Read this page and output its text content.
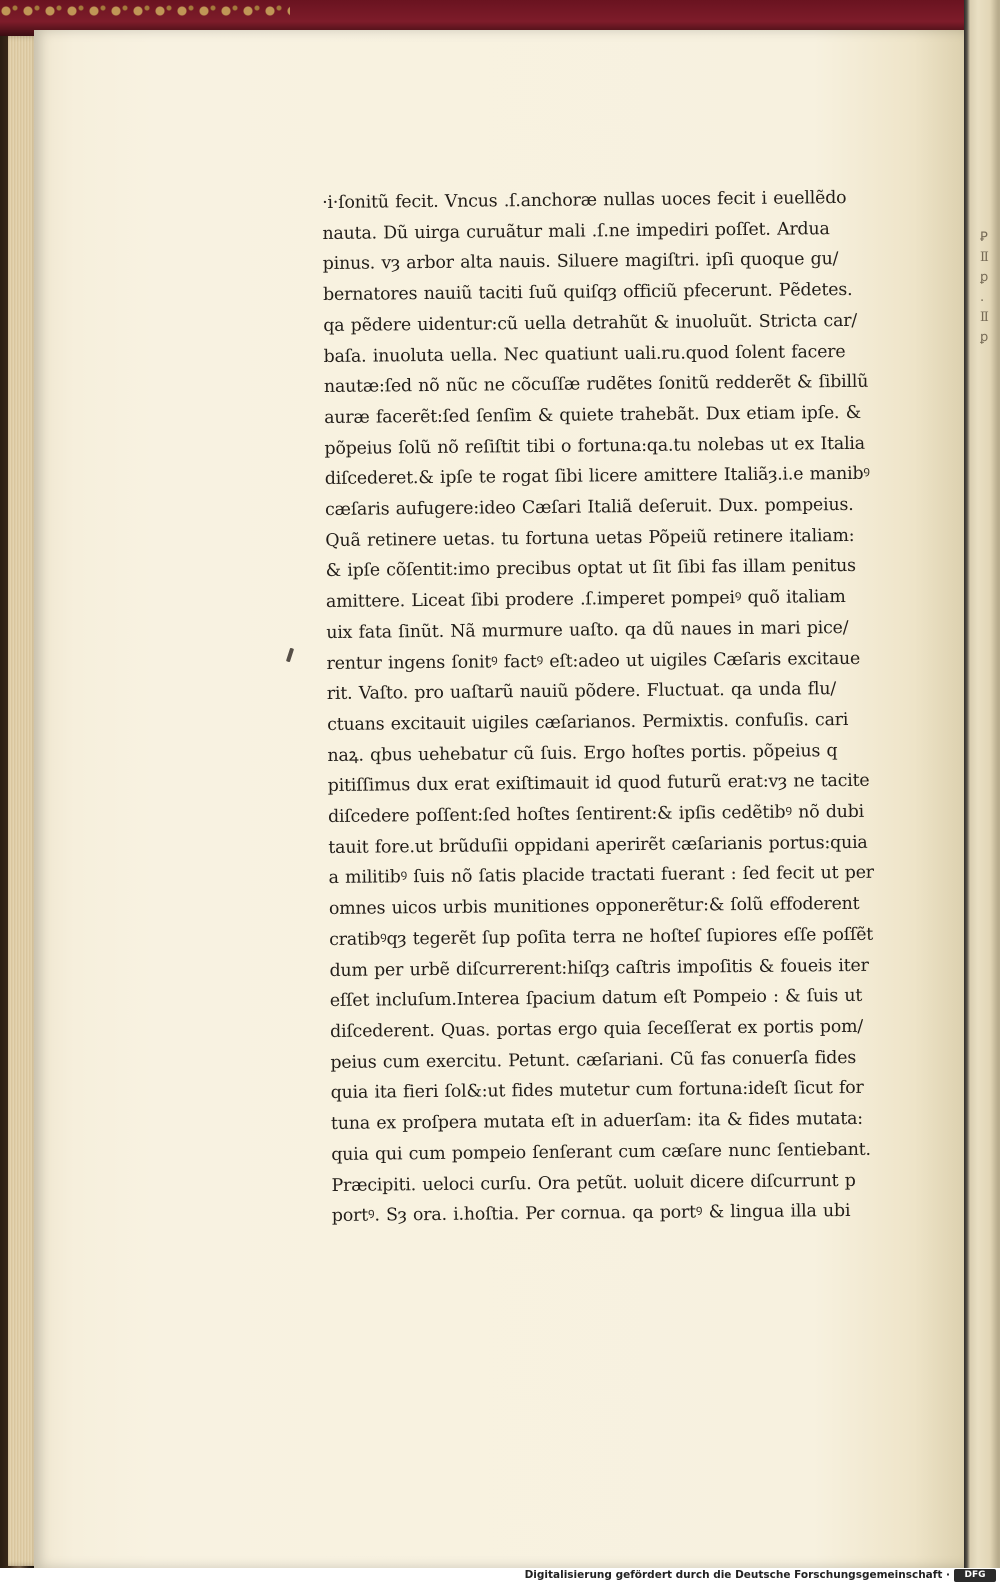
Ꝑ
Ⅱ
ꝑ
.
Ⅱ
ꝑ
·i·ſonitũ fecit. Vncus .ſ.anchoræ nullas uoces fecit i euellẽdo
nauta. Dũ uirga curuãtur mali .ſ.ne impediri poſſet. Ardua
pinus. vȝ arbor alta nauis. Siluere magiſtri. ipſi quoque gu/
bernatores nauiũ taciti ſuũ quiſqȝ officiũ pfecerunt. Pẽdetes.
qa pẽdere uidentur:cũ uella detrahũt & inuoluũt. Stricta car/
baſa. inuoluta uella. Nec quatiunt uali.ru.quod ſolent facere
nautæ:ſed nõ nũc ne cõcuſſæ rudẽtes ſonitũ redderẽt & ſibillũ
auræ facerẽt:ſed ſenſim & quiete trahebãt. Dux etiam ipſe. &
põpeius ſolũ nõ reſiſtit tibi o fortuna:qa.tu nolebas ut ex Italia
diſcederet.& ipſe te rogat ſibi licere amittere Italiãȝ.i.e manibꝰ
cæſaris aufugere:ideo Cæſari Italiã deſeruit. Dux. pompeius.
Quã retinere uetas. tu fortuna uetas Põpeiũ retinere italiam:
& ipſe cõſentit:imo precibus optat ut ſit ſibi fas illam penitus
amittere. Liceat ſibi prodere .ſ.imperet pompeiꝰ quõ italiam
uix fata ſinũt. Nã murmure uaſto. qa dũ naues in mari pice/
rentur ingens ſonitꝰ factꝰ eſt:adeo ut uigiles Cæſaris excitaue
rit. Vaſto. pro uaſtarũ nauiũ põdere. Fluctuat. qa unda flu/
ctuans excitauit uigiles cæſarianos. Permixtis. confuſis. cari
naꝝ. qbus uehebatur cũ ſuis. Ergo hoſtes portis. põpeius q
pitiſſimus dux erat exiſtimauit id quod futurũ erat:vȝ ne tacite
diſcedere poſſent:ſed hoſtes ſentirent:& ipſis cedẽtibꝰ nõ dubi
tauit fore.ut brũduſii oppidani aperirẽt cæſarianis portus:quia
a militibꝰ ſuis nõ ſatis placide tractati fuerant : ſed fecit ut per
omnes uicos urbis munitiones opponerẽtur:& ſolũ effoderent
cratibꝰqȝ tegerẽt ſup poſita terra ne hoſteſ ſupiores eſſe poſſẽt
dum per urbẽ diſcurrerent:hiſqȝ caſtris impoſitis & foueis iter
eſſet incluſum.Interea ſpacium datum eſt Pompeio : & ſuis ut
diſcederent. Quas. portas ergo quia ſeceſſerat ex portis pom/
peius cum exercitu. Petunt. cæſariani. Cũ fas conuerſa fides
quia ita fieri ſol&:ut fides mutetur cum fortuna:ideſt ſicut for
tuna ex proſpera mutata eſt in aduerſam: ita & fides mutata:
quia qui cum pompeio ſenſerant cum cæſare nunc ſentiebant.
Præcipiti. ueloci curſu. Ora petũt. uoluit dicere diſcurrunt p
portꝰ. Sȝ ora. i.hoſtia. Per cornua. qa portꝰ & lingua illa ubi
Digitalisierung gefördert durch die Deutsche Forschungsgemeinschaft ·	DFG
